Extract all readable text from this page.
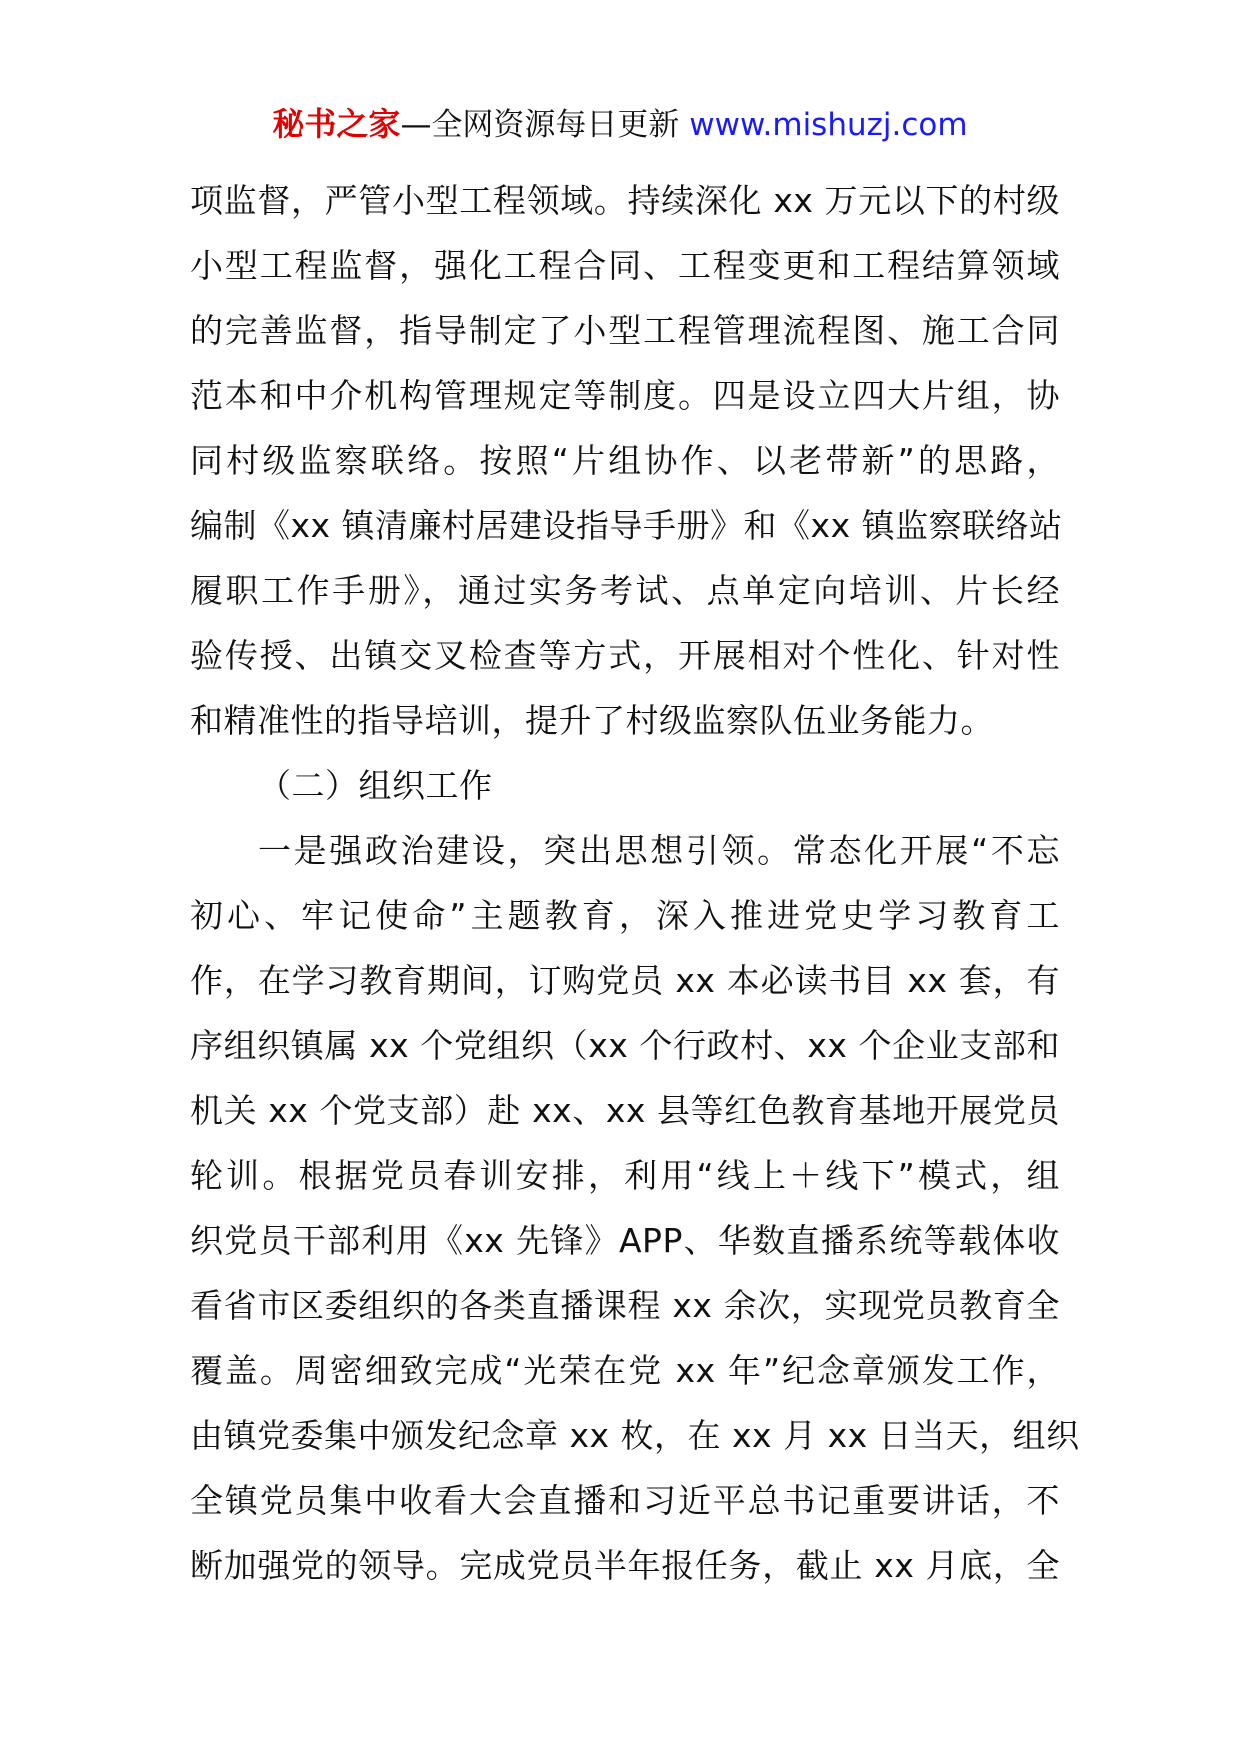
秘书之家—全网资源每日更新 www.mishuzj.com
项监督，严管小型工程领域。持续深化 xx 万元以下的村级
小型工程监督，强化工程合同、工程变更和工程结算领域
的完善监督，指导制定了小型工程管理流程图、施工合同
范本和中介机构管理规定等制度。四是设立四大片组，协
同村级监察联络。按照“片组协作、以老带新”的思路，
编制《xx 镇清廉村居建设指导手册》和《xx 镇监察联络站
履职工作手册》，通过实务考试、点单定向培训、片长经
验传授、出镇交叉检查等方式，开展相对个性化、针对性
和精准性的指导培训，提升了村级监察队伍业务能力。
（二）组织工作
一是强政治建设，突出思想引领。常态化开展“不忘
初心、牢记使命”主题教育，深入推进党史学习教育工
作，在学习教育期间，订购党员 xx 本必读书目 xx 套，有
序组织镇属 xx 个党组织（xx 个行政村、xx 个企业支部和
机关 xx 个党支部）赴 xx、xx 县等红色教育基地开展党员
轮训。根据党员春训安排，利用“线上＋线下”模式，组
织党员干部利用《xx 先锋》APP、华数直播系统等载体收
看省市区委组织的各类直播课程 xx 余次，实现党员教育全
覆盖。周密细致完成“光荣在党 xx 年”纪念章颁发工作，
由镇党委集中颁发纪念章 xx 枚，在 xx 月 xx 日当天，组织
全镇党员集中收看大会直播和习近平总书记重要讲话，不
断加强党的领导。完成党员半年报任务，截止 xx 月底，全
